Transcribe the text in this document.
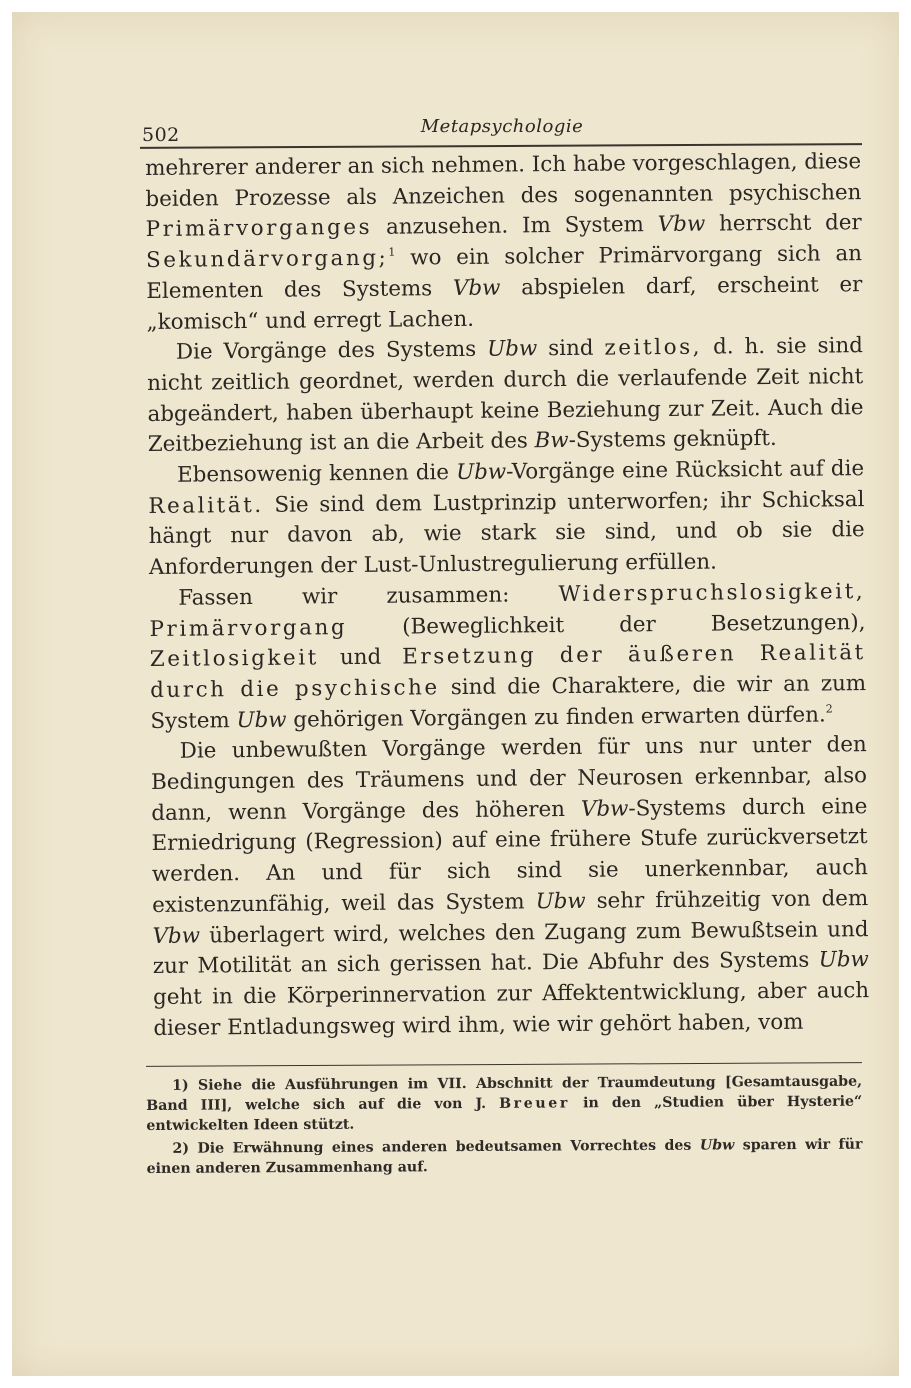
502	Metapsychologie

mehrerer anderer an sich nehmen. Ich habe vorgeschlagen, diese beiden Prozesse als Anzeichen des sogenannten psychischen Primärvorganges anzusehen. Im System Vbw herrscht der Sekundärvorgang;$^1$ wo ein solcher Primärvorgang sich an Elementen des Systems Vbw abspielen darf, erscheint er „komisch“ und erregt Lachen.

Die Vorgänge des Systems Ubw sind zeitlos, d. h. sie sind nicht zeitlich geordnet, werden durch die verlaufende Zeit nicht abgeändert, haben überhaupt keine Beziehung zur Zeit. Auch die Zeitbeziehung ist an die Arbeit des Bw-Systems geknüpft.

Ebensowenig kennen die Ubw-Vorgänge eine Rücksicht auf die Realität. Sie sind dem Lustprinzip unterworfen; ihr Schicksal hängt nur davon ab, wie stark sie sind, und ob sie die Anforderungen der Lust-Unlustregulierung erfüllen.

Fassen wir zusammen: Widerspruchslosigkeit, Primärvorgang (Beweglichkeit der Besetzungen), Zeitlosigkeit und Ersetzung der äußeren Realität durch die psychische sind die Charaktere, die wir an zum System Ubw gehörigen Vorgängen zu finden erwarten dürfen.$^2$

Die unbewußten Vorgänge werden für uns nur unter den Bedingungen des Träumens und der Neurosen erkennbar, also dann, wenn Vorgänge des höheren Vbw-Systems durch eine Erniedrigung (Regression) auf eine frühere Stufe zurückversetzt werden. An und für sich sind sie unerkennbar, auch existenzunfähig, weil das System Ubw sehr frühzeitig von dem Vbw überlagert wird, welches den Zugang zum Bewußtsein und zur Motilität an sich gerissen hat. Die Abfuhr des Systems Ubw geht in die Körperinnervation zur Affektentwicklung, aber auch dieser Entladungsweg wird ihm, wie wir gehört haben, vom

1) Siehe die Ausführungen im VII. Abschnitt der Traumdeutung [Gesamtausgabe, Band III], welche sich auf die von J. Breuer in den „Studien über Hysterie“ entwickelten Ideen stützt.

2) Die Erwähnung eines anderen bedeutsamen Vorrechtes des Ubw sparen wir für einen anderen Zusammenhang auf.
